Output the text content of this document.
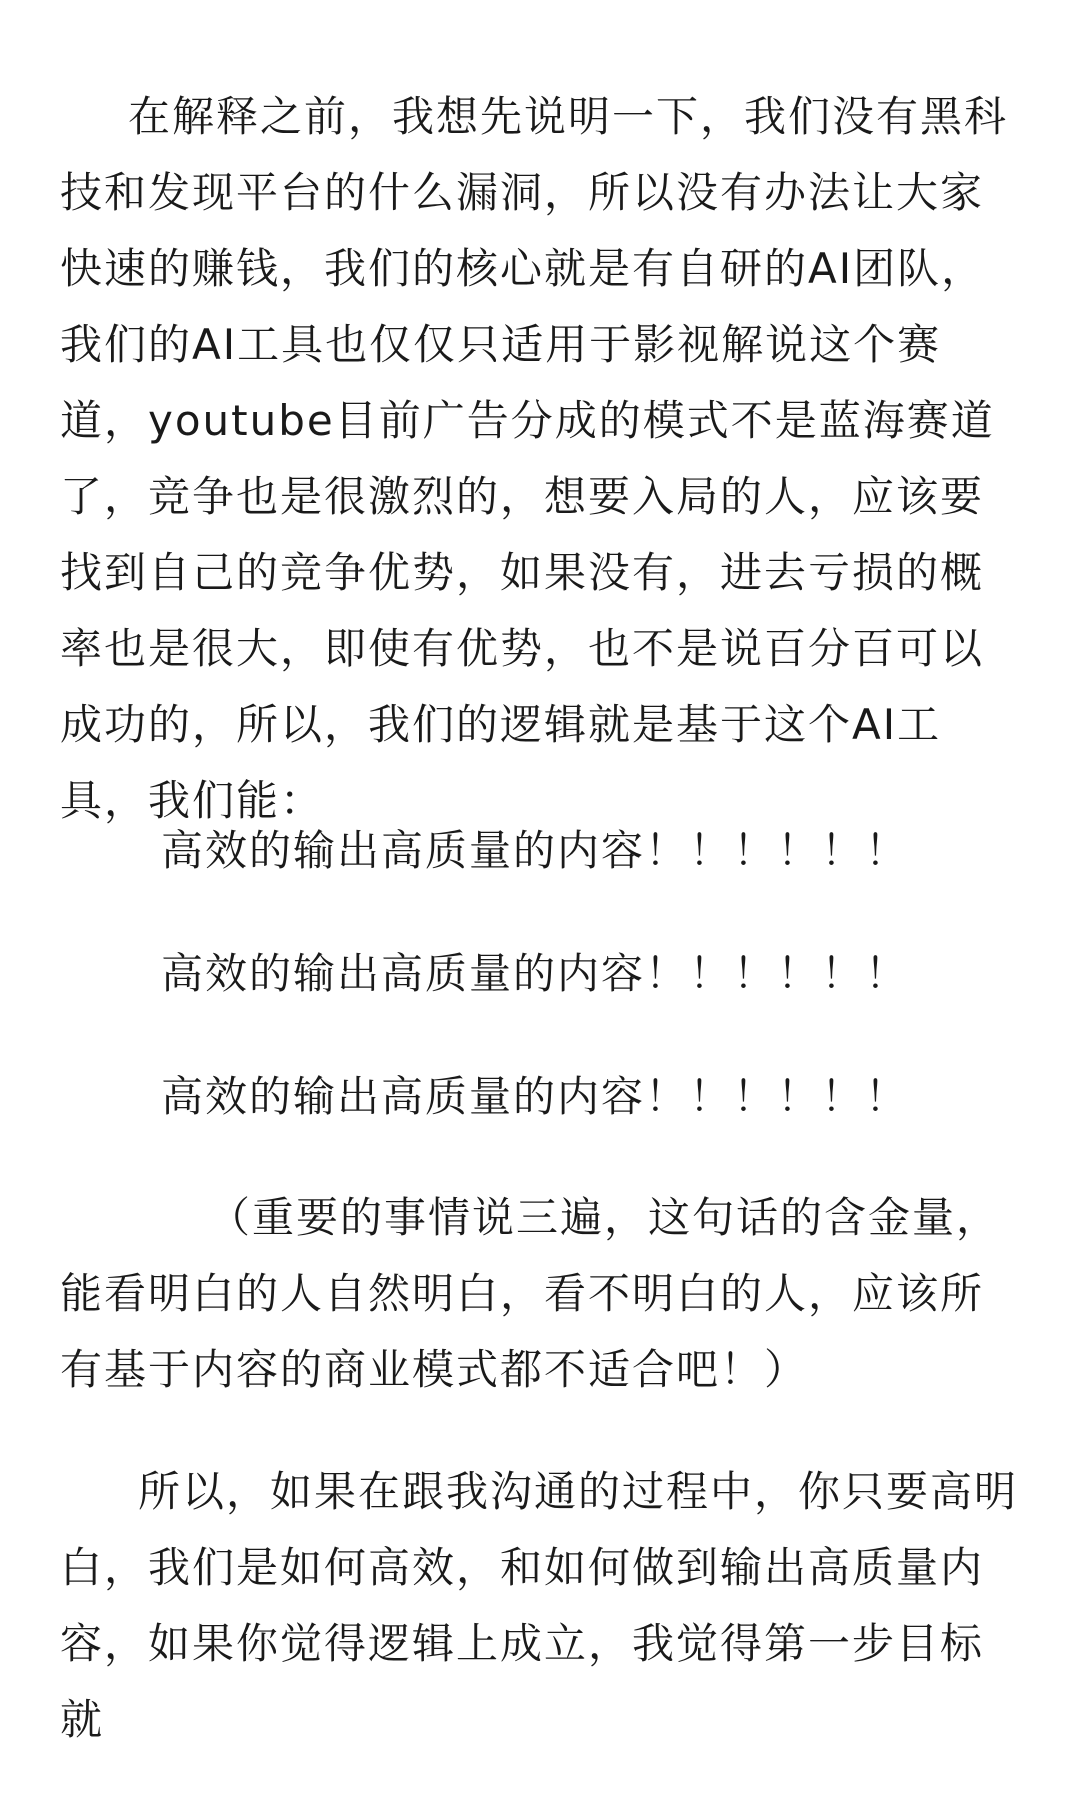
在解释之前，我想先说明一下，我们没有黑科技和发现平台的什么漏洞，所以没有办法让大家快速的赚钱，我们的核心就是有自研的AI团队，我们的AI工具也仅仅只适用于影视解说这个赛道，youtube目前广告分成的模式不是蓝海赛道了，竞争也是很激烈的，想要入局的人，应该要找到自己的竞争优势，如果没有，进去亏损的概率也是很大，即使有优势，也不是说百分百可以成功的，所以，我们的逻辑就是基于这个AI工具，我们能：

高效的输出高质量的内容！！！！！！

高效的输出高质量的内容！！！！！！

高效的输出高质量的内容！！！！！！

（重要的事情说三遍，这句话的含金量，能看明白的人自然明白，看不明白的人，应该所有基于内容的商业模式都不适合吧！）

所以，如果在跟我沟通的过程中，你只要高明白，我们是如何高效，和如何做到输出高质量内容，如果你觉得逻辑上成立，我觉得第一步目标就
